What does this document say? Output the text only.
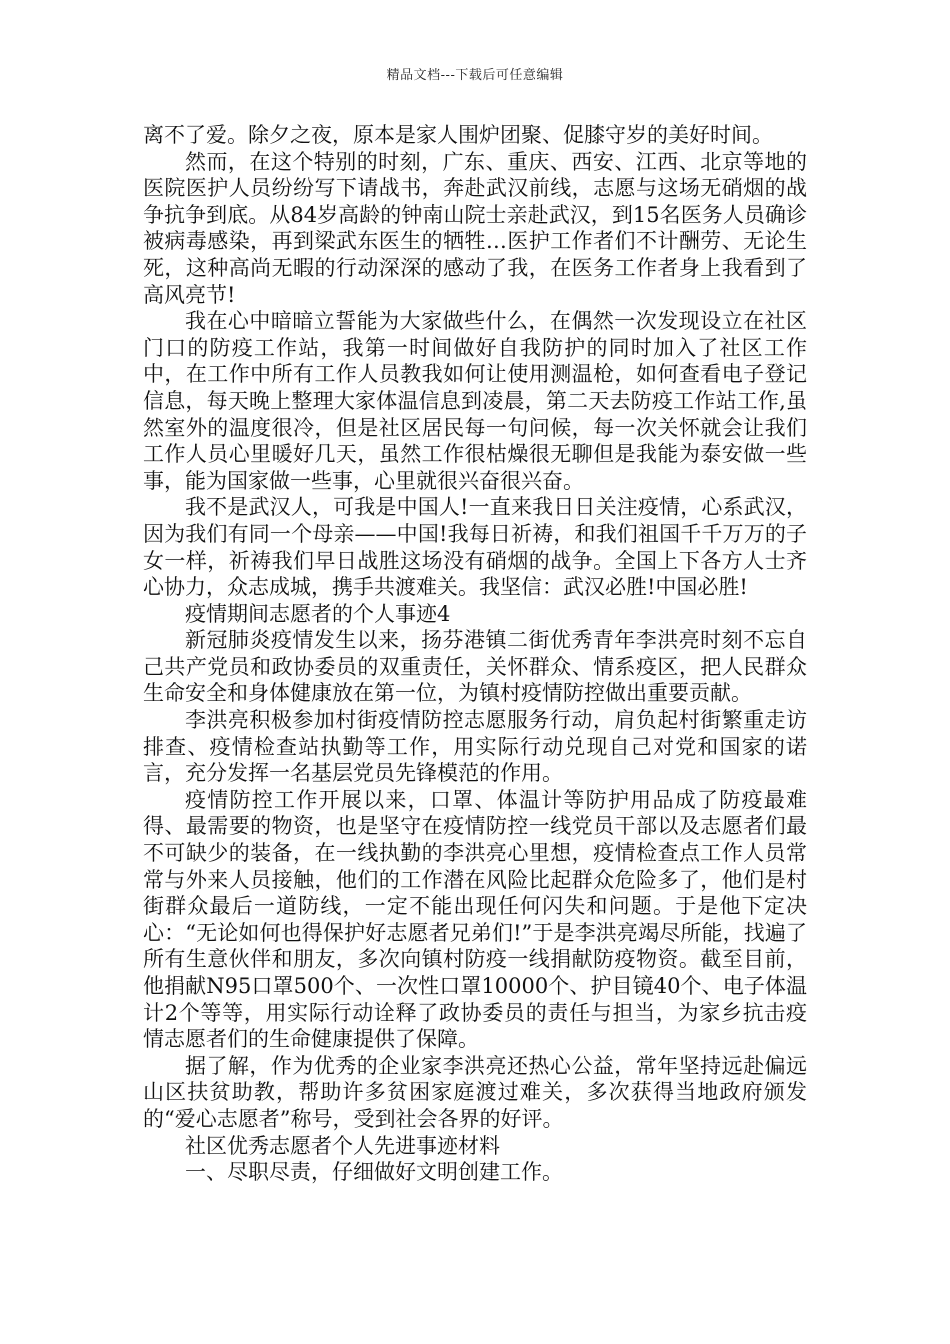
精品文档---下载后可任意编辑

离不了爱。除夕之夜，原本是家人围炉团聚、促膝守岁的美好时间。

然而，在这个特别的时刻，广东、重庆、西安、江西、北京等地的医院医护人员纷纷写下请战书，奔赴武汉前线，志愿与这场无硝烟的战争抗争到底。从84岁高龄的钟南山院士亲赴武汉，到15名医务人员确诊被病毒感染，再到梁武东医生的牺牲…医护工作者们不计酬劳、无论生死，这种高尚无暇的行动深深的感动了我，在医务工作者身上我看到了高风亮节!

我在心中暗暗立誓能为大家做些什么，在偶然一次发现设立在社区门口的防疫工作站，我第一时间做好自我防护的同时加入了社区工作中，在工作中所有工作人员教我如何让使用测温枪，如何查看电子登记信息，每天晚上整理大家体温信息到凌晨，第二天去防疫工作站工作,虽然室外的温度很冷，但是社区居民每一句问候，每一次关怀就会让我们工作人员心里暖好几天，虽然工作很枯燥很无聊但是我能为泰安做一些事，能为国家做一些事，心里就很兴奋很兴奋。

我不是武汉人，可我是中国人!一直来我日日关注疫情，心系武汉，因为我们有同一个母亲——中国!我每日祈祷，和我们祖国千千万万的子女一样，祈祷我们早日战胜这场没有硝烟的战争。全国上下各方人士齐心协力，众志成城，携手共渡难关。我坚信：武汉必胜!中国必胜!

疫情期间志愿者的个人事迹4

新冠肺炎疫情发生以来，扬芬港镇二街优秀青年李洪亮时刻不忘自己共产党员和政协委员的双重责任，关怀群众、情系疫区，把人民群众生命安全和身体健康放在第一位，为镇村疫情防控做出重要贡献。

李洪亮积极参加村街疫情防控志愿服务行动，肩负起村街繁重走访排查、疫情检查站执勤等工作，用实际行动兑现自己对党和国家的诺言，充分发挥一名基层党员先锋模范的作用。

疫情防控工作开展以来，口罩、体温计等防护用品成了防疫最难得、最需要的物资，也是坚守在疫情防控一线党员干部以及志愿者们最不可缺少的装备，在一线执勤的李洪亮心里想，疫情检查点工作人员常常与外来人员接触，他们的工作潜在风险比起群众危险多了，他们是村街群众最后一道防线，一定不能出现任何闪失和问题。于是他下定决心：“无论如何也得保护好志愿者兄弟们!”于是李洪亮竭尽所能，找遍了所有生意伙伴和朋友，多次向镇村防疫一线捐献防疫物资。截至目前，他捐献N95口罩500个、一次性口罩10000个、护目镜40个、电子体温计2个等等，用实际行动诠释了政协委员的责任与担当，为家乡抗击疫情志愿者们的生命健康提供了保障。

据了解，作为优秀的企业家李洪亮还热心公益，常年坚持远赴偏远山区扶贫助教，帮助许多贫困家庭渡过难关，多次获得当地政府颁发的“爱心志愿者”称号，受到社会各界的好评。

社区优秀志愿者个人先进事迹材料

一、尽职尽责，仔细做好文明创建工作。
